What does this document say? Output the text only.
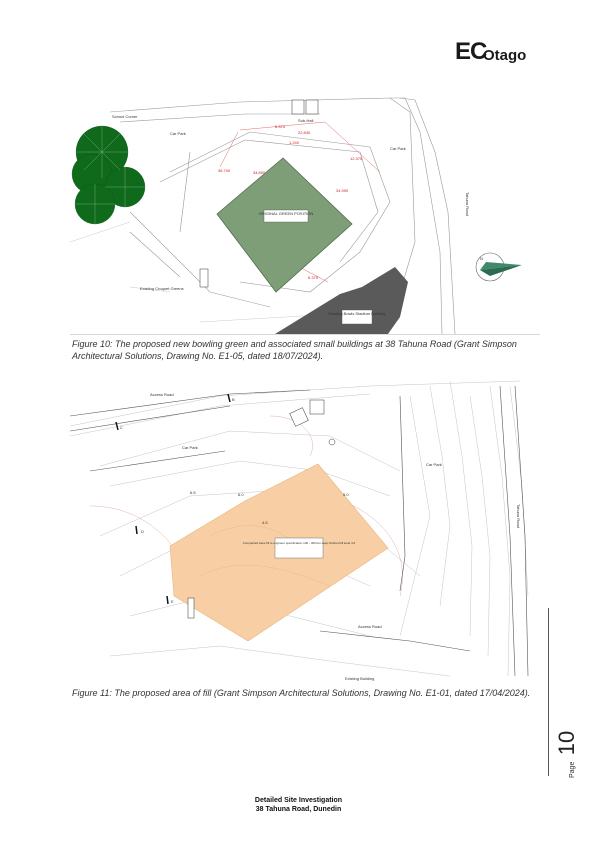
EC
Otago
6.375
22.840
12.375
36.700	34.800
34.990
6.375
1.240
ORIGINAL GREEN POSITION
Sub-Hall
Existing Bowls Stadium Building
N
Car Park
Car Park
Existing Croquet Greens
School Corner
Tahuna Road
Figure 10: The proposed new bowling green and associated small buildings at 38 Tahuna Road (Grant Simpson Architectural Solutions, Drawing No. E1-05, dated 18/07/2024).
Compacted base fill to engineer specification 100 - 300mm deep finished fill level 4.6
B
C
D
E
6.5	6.0	5.0
4.5
Access Road
Access Road
Car Park
Car Park
Existing Building
Tahuna Road
Figure 11: The proposed area of fill (Grant Simpson Architectural Solutions, Drawing No. E1-01, dated 17/04/2024).
Page 10
Detailed Site Investigation
38 Tahuna Road, Dunedin
